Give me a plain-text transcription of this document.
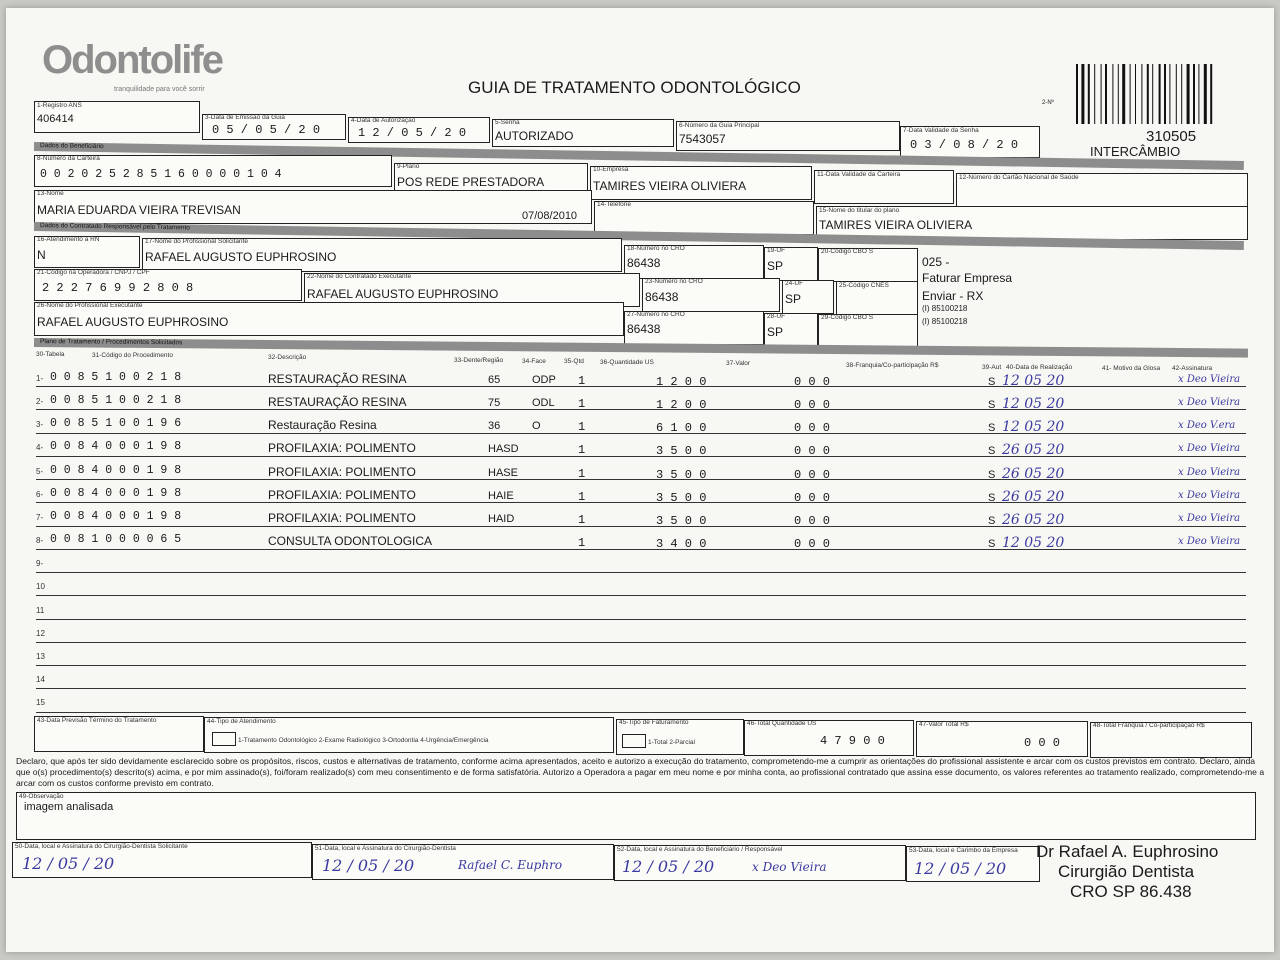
Odontolife
tranquilidade para você sorrir	GUIA DE TRATAMENTO ODONTOLÓGICO
2-Nº
310505
INTERCÂMBIO
1-Registro ANS
406414	3-Data de Emissão da Guia
0 5 / 0 5 / 2 0
4-Data de Autorização
1 2 / 0 5 / 2 0
5-Senha
AUTORIZADO
6-Número da Guia Principal
7543057
7-Data Validade da Senha
0 3 / 0 8 / 2 0
Dados do Beneficiário
8-Número da Carteira
0 0 2 0 2 5 2 8 5 1 6 0 0 0 0 1 0 4
9-Plano
POS REDE PRESTADORA
10-Empresa
TAMIRES VIEIRA OLIVIERA
11-Data Validade da Carteira	12-Número do Cartão Nacional de Saúde
13-Nome
MARIA EDUARDA VIEIRA TREVISAN	07/08/2010
14-Telefone
15-Nome do titular do plano
TAMIRES VIEIRA OLIVIERA
Dados do Contratado Responsável pelo Tratamento
16-Atendimento a RN
N
17-Nome do Profissional Solicitante
RAFAEL AUGUSTO EUPHROSINO
18-Número no CRO
86438
19-UF
SP
20-Código CBO S
025 -
Faturar Empresa
Enviar - RX
(I) 85100218
(I) 85100218
21-Código na Operadora / CNPJ / CPF
2 2 2 7 6 9 9 2 8 0 8
22-Nome do Contratado Executante
RAFAEL AUGUSTO EUPHROSINO
23-Número no CRO
86438
24-UF
SP
25-Código CNES
26-Nome do Profissional Executante
RAFAEL AUGUSTO EUPHROSINO
27-Número no CRO
86438
28-UF
SP
29-Código CBO S
Plano de Tratamento / Procedimentos Solicitados
30-Tabela	31-Código do Procedimento	32-Descrição	33-Dente/Região	34-Face	35-Qtd 36-Quantidade US	37-Valor	38-Franquia/Co-participação R$	39-Aut 40-Data de Realização	41- Motivo da Glosa 42-Assinatura
1- 0 0 8 5 1 0 0 2 1 8	RESTAURAÇÃO RESINA	65	ODP 1	1 2 0 0	0 0 0	S 12 05 20	x Deo Vieira
2- 0 0 8 5 1 0 0 2 1 8	RESTAURAÇÃO RESINA	75	ODL 1	1 2 0 0	0 0 0	S 12 05 20	x Deo Vieira
3- 0 0 8 5 1 0 0 1 9 6	Restauração Resina	36	O	1	6 1 0 0	0 0 0	S 12 05 20	x Deo V.era
4- 0 0 8 4 0 0 0 1 9 8	PROFILAXIA: POLIMENTO	HASD	1	3 5 0 0	0 0 0	S 26 05 20	x Deo Vieira
5- 0 0 8 4 0 0 0 1 9 8	PROFILAXIA: POLIMENTO	HASE	1	3 5 0 0	0 0 0	S 26 05 20	x Deo Vieira
6- 0 0 8 4 0 0 0 1 9 8	PROFILAXIA: POLIMENTO	HAIE	1	3 5 0 0	0 0 0	S 26 05 20	x Deo Vieira
7- 0 0 8 4 0 0 0 1 9 8	PROFILAXIA: POLIMENTO	HAID	1	3 5 0 0	0 0 0	S 26 05 20	x Deo Vieira
8- 0 0 8 1 0 0 0 0 6 5	CONSULTA ODONTOLOGICA	1	3 4 0 0	0 0 0	S 12 05 20	x Deo Vieira
9-
10
11
12
13
14
15
43-Data Previsão Término do Tratamento	44-Tipo de Atendimento
1-Tratamento Odontológico 2-Exame Radiológico 3-Ortodontia 4-Urgência/Emergência
45-Tipo de Faturamento
1-Total 2-Parcial
46-Total Quantidade US
4 7 9 0 0
47-Valor Total R$
0 0 0
48-Total Franquia / Co-participação R$
Declaro, que após ter sido devidamente esclarecido sobre os propósitos, riscos, custos e alternativas de tratamento, conforme acima apresentados, aceito e autorizo a execução do tratamento, comprometendo-me a cumprir as orientações do profissional assistente e arcar com os custos previstos em contrato. Declaro, ainda que o(s) procedimento(s) descrito(s) acima, e por mim assinado(s), foi/foram realizado(s) com meu consentimento e de forma satisfatória. Autorizo a Operadora a pagar em meu nome e por minha conta, ao profissional contratado que assina esse documento, os valores referentes ao tratamento realizado, comprometendo-me a arcar com os custos conforme previsto em contrato.
49-Observação
imagem analisada
50-Data, local e Assinatura do Cirurgião-Dentista Solicitante
12 / 05 / 20
51-Data, local e Assinatura do Cirurgião-Dentista
12 / 05 / 20	Rafael C. Euphro
52-Data, local e Assinatura do Beneficiário / Responsável
12 / 05 / 20	x Deo Vieira
53-Data, local e Carimbo da Empresa
12 / 05 / 20
Dr Rafael A. Euphrosino
Cirurgião Dentista
CRO SP 86.438
